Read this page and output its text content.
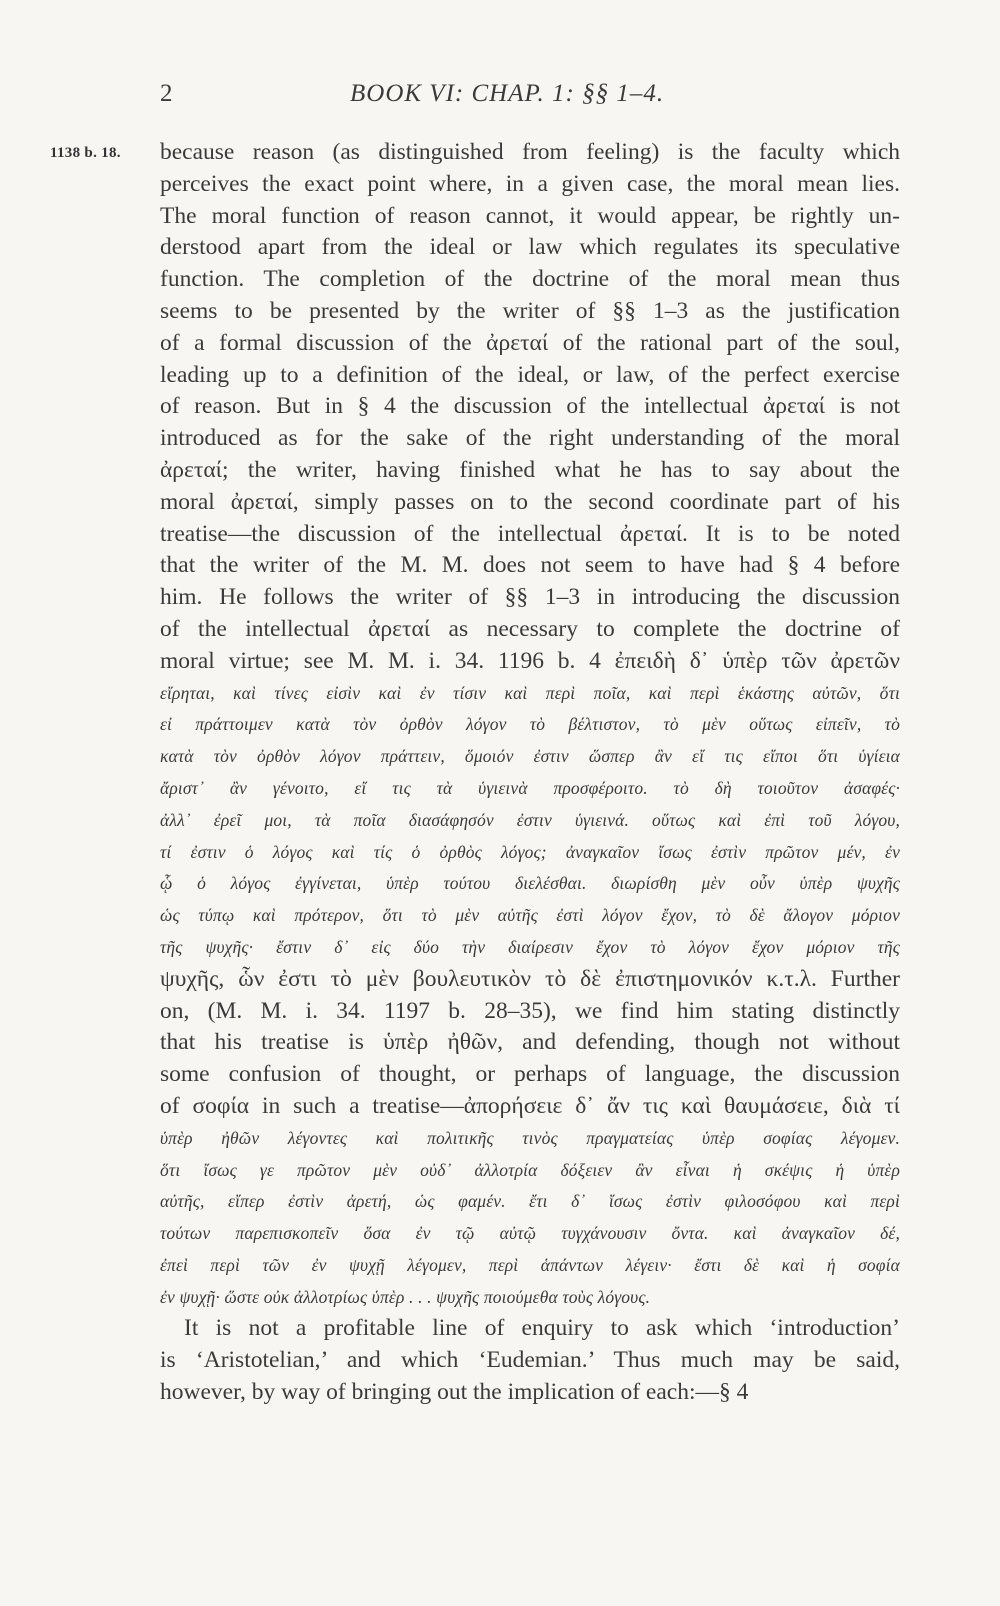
2	BOOK VI: CHAP. 1: §§ 1–4.
1138 b. 18. because reason (as distinguished from feeling) is the faculty which
perceives the exact point where, in a given case, the moral mean lies.
The moral function of reason cannot, it would appear, be rightly un-
derstood apart from the ideal or law which regulates its speculative
function. The completion of the doctrine of the moral mean thus
seems to be presented by the writer of §§ 1–3 as the justification
of a formal discussion of the ἀρεταί of the rational part of the soul,
leading up to a definition of the ideal, or law, of the perfect exercise
of reason. But in § 4 the discussion of the intellectual ἀρεταί is not
introduced as for the sake of the right understanding of the moral
ἀρεταί; the writer, having finished what he has to say about the
moral ἀρεταί, simply passes on to the second coordinate part of his
treatise—the discussion of the intellectual ἀρεταί. It is to be noted
that the writer of the M. M. does not seem to have had § 4 before
him. He follows the writer of §§ 1–3 in introducing the discussion
of the intellectual ἀρεταί as necessary to complete the doctrine of
moral virtue; see M. M. i. 34. 1196 b. 4 ἐπειδὴ δ᾽ ὑπὲρ τῶν ἀρετῶν
εἴρηται, καὶ τίνες εἰσὶν καὶ ἐν τίσιν καὶ περὶ ποῖα, καὶ περὶ ἑκάστης αὐτῶν, ὅτι
εἰ πράττοιμεν κατὰ τὸν ὀρθὸν λόγον τὸ βέλτιστον, τὸ μὲν οὕτως εἰπεῖν, τὸ
κατὰ τὸν ὀρθὸν λόγον πράττειν, ὅμοιόν ἐστιν ὥσπερ ἂν εἴ τις εἴποι ὅτι ὑγίεια
ἄριστ᾽ ἂν γένοιτο, εἴ τις τὰ ὑγιεινὰ προσφέροιτο. τὸ δὴ τοιοῦτον ἀσαφές·
ἀλλ᾽ ἐρεῖ μοι, τὰ ποῖα διασάφησόν ἐστιν ὑγιεινά. οὕτως καὶ ἐπὶ τοῦ λόγου,
τί ἐστιν ὁ λόγος καὶ τίς ὁ ὀρθὸς λόγος; ἀναγκαῖον ἴσως ἐστὶν πρῶτον μέν, ἐν
ᾧ ὁ λόγος ἐγγίνεται, ὑπὲρ τούτου διελέσθαι. διωρίσθη μὲν οὖν ὑπὲρ ψυχῆς
ὡς τύπῳ καὶ πρότερον, ὅτι τὸ μὲν αὐτῆς ἐστὶ λόγον ἔχον, τὸ δὲ ἄλογον μόριον
τῆς ψυχῆς· ἔστιν δ᾽ εἰς δύο τὴν διαίρεσιν ἔχον τὸ λόγον ἔχον μόριον τῆς
ψυχῆς, ὧν ἐστι τὸ μὲν βουλευτικὸν τὸ δὲ ἐπιστημονικόν κ.τ.λ. Further
on, (M. M. i. 34. 1197 b. 28–35), we find him stating distinctly
that his treatise is ὑπὲρ ἠθῶν, and defending, though not without
some confusion of thought, or perhaps of language, the discussion
of σοφία in such a treatise—ἀπορήσειε δ᾽ ἄν τις καὶ θαυμάσειε, διὰ τί
ὑπὲρ ἠθῶν λέγοντες καὶ πολιτικῆς τινὸς πραγματείας ὑπὲρ σοφίας λέγομεν.
ὅτι ἴσως γε πρῶτον μὲν οὐδ᾽ ἀλλοτρία δόξειεν ἂν εἶναι ἡ σκέψις ἡ ὑπὲρ
αὐτῆς, εἴπερ ἐστὶν ἀρετή, ὡς φαμέν. ἔτι δ᾽ ἴσως ἐστὶν φιλοσόφου καὶ περὶ
τούτων παρεπισκοπεῖν ὅσα ἐν τῷ αὐτῷ τυγχάνουσιν ὄντα. καὶ ἀναγκαῖον δέ,
ἐπεὶ περὶ τῶν ἐν ψυχῇ λέγομεν, περὶ ἁπάντων λέγειν· ἔστι δὲ καὶ ἡ σοφία
ἐν ψυχῇ· ὥστε οὐκ ἀλλοτρίως ὑπὲρ . . . ψυχῆς ποιούμεθα τοὺς λόγους.
It is not a profitable line of enquiry to ask which ‘introduction’
is ‘Aristotelian,’ and which ‘Eudemian.’ Thus much may be said,
however, by way of bringing out the implication of each:—§ 4
